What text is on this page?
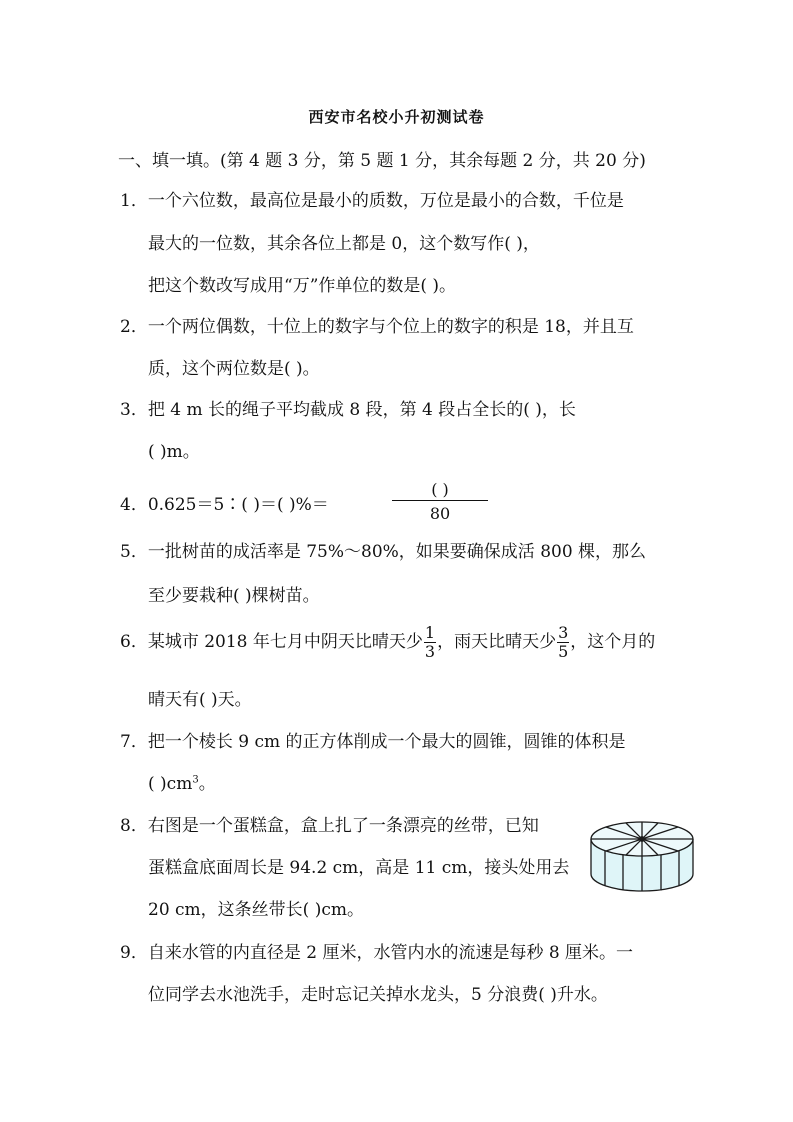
西安市名校小升初测试卷
一、填一填。(第 4 题 3 分，第 5 题 1 分，其余每题 2 分，共 20 分)
1．一个六位数，最高位是最小的质数，万位是最小的合数，千位是
最大的一位数，其余各位上都是 0，这个数写作( )，
把这个数改写成用“万”作单位的数是( )。
2．一个两位偶数，十位上的数字与个位上的数字的积是 18，并且互
质，这个两位数是( )。
3．把 4 m 长的绳子平均截成 8 段，第 4 段占全长的( )，长
( )m。
4．0.625＝5∶( )＝( )%＝
( )
80
5．一批树苗的成活率是 75%～80%，如果要确保成活 800 棵，那么
至少要栽种( )棵树苗。
6．某城市 2018 年七月中阴天比晴天少 $\frac{1}{3}$ ，雨天比晴天少 $\frac{3}{5}$ ，这个月的
晴天有( )天。
7．把一个棱长 9 cm 的正方体削成一个最大的圆锥，圆锥的体积是
( )$cm^3$。
8．右图是一个蛋糕盒，盒上扎了一条漂亮的丝带，已知
蛋糕盒底面周长是 94.2 cm，高是 11 cm，接头处用去
20 cm，这条丝带长( )cm。
9．自来水管的内直径是 2 厘米，水管内水的流速是每秒 8 厘米。一
位同学去水池洗手，走时忘记关掉水龙头，5 分浪费( )升水。
